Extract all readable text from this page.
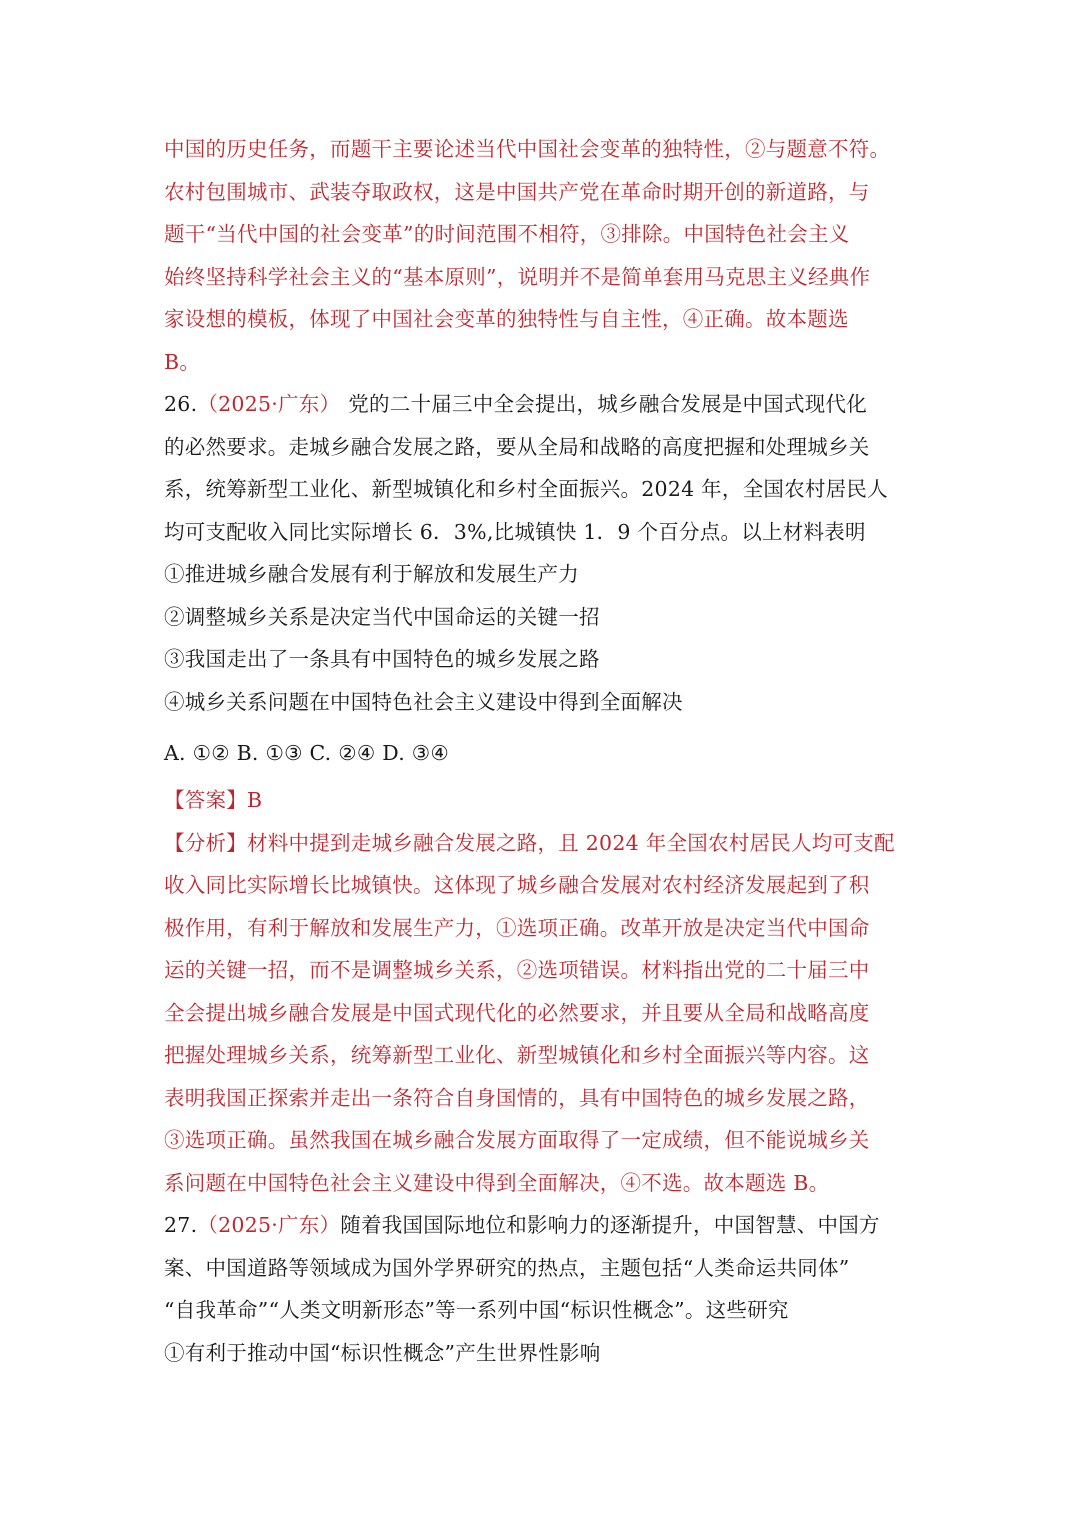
中国的历史任务，而题干主要论述当代中国社会变革的独特性，②与题意不符。
农村包围城市、武装夺取政权，这是中国共产党在革命时期开创的新道路，与
题干“当代中国的社会变革”的时间范围不相符，③排除。中国特色社会主义
始终坚持科学社会主义的“基本原则”，说明并不是简单套用马克思主义经典作
家设想的模板，体现了中国社会变革的独特性与自主性，④正确。故本题选
B。
26.（2025·广东） 党的二十届三中全会提出，城乡融合发展是中国式现代化
的必然要求。走城乡融合发展之路，要从全局和战略的高度把握和处理城乡关
系，统筹新型工业化、新型城镇化和乡村全面振兴。2024 年，全国农村居民人
均可支配收入同比实际增长 6．3%,比城镇快 1．9 个百分点。以上材料表明
①推进城乡融合发展有利于解放和发展生产力
②调整城乡关系是决定当代中国命运的关键一招
③我国走出了一条具有中国特色的城乡发展之路
④城乡关系问题在中国特色社会主义建设中得到全面解决
A. ①② B. ①③ C. ②④ D. ③④
【答案】B
【分析】材料中提到走城乡融合发展之路，且 2024 年全国农村居民人均可支配
收入同比实际增长比城镇快。这体现了城乡融合发展对农村经济发展起到了积
极作用，有利于解放和发展生产力，①选项正确。改革开放是决定当代中国命
运的关键一招，而不是调整城乡关系，②选项错误。材料指出党的二十届三中
全会提出城乡融合发展是中国式现代化的必然要求，并且要从全局和战略高度
把握处理城乡关系，统筹新型工业化、新型城镇化和乡村全面振兴等内容。这
表明我国正探索并走出一条符合自身国情的，具有中国特色的城乡发展之路，
③选项正确。虽然我国在城乡融合发展方面取得了一定成绩，但不能说城乡关
系问题在中国特色社会主义建设中得到全面解决，④不选。故本题选 B。
27.（2025·广东）随着我国国际地位和影响力的逐渐提升，中国智慧、中国方
案、中国道路等领域成为国外学界研究的热点，主题包括“人类命运共同体”
“自我革命”“人类文明新形态”等一系列中国“标识性概念”。这些研究
①有利于推动中国“标识性概念”产生世界性影响
